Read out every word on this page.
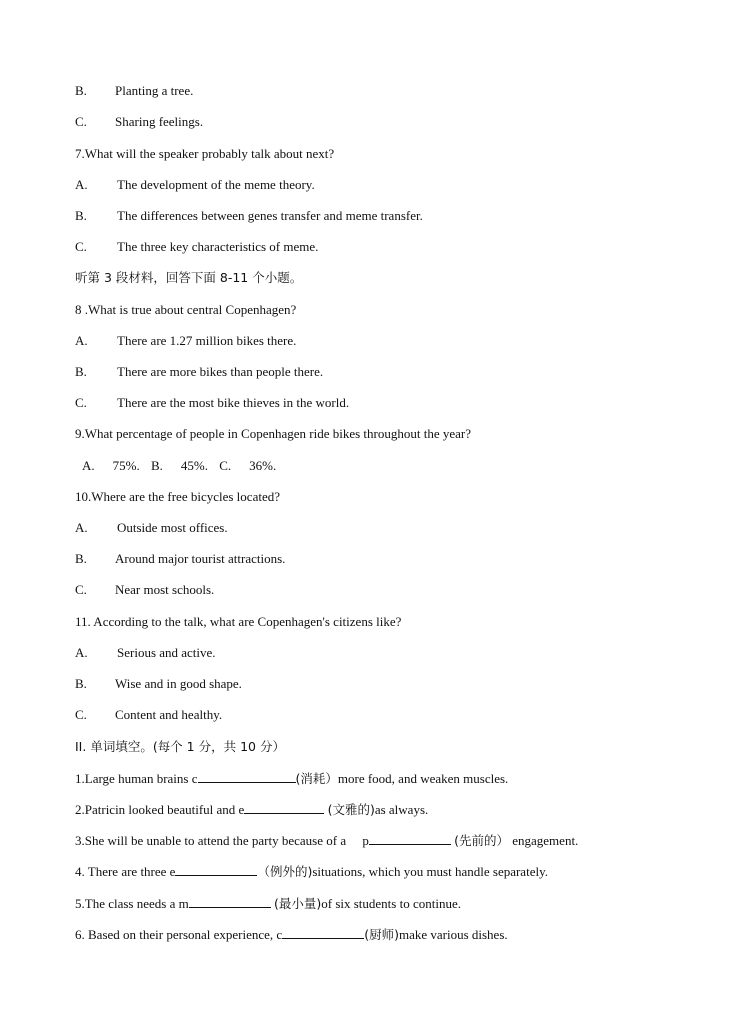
B. Planting a tree.
C. Sharing feelings.
7.What will the speaker probably talk about next?
A. The development of the meme theory.
B. The differences between genes transfer and meme transfer.
C. The three key characteristics of meme.
听第 3 段材料，回答下面 8-11 个小题。
8 .What is true about central Copenhagen?
A. There are 1.27 million bikes there.
B. There are more bikes than people there.
C. There are the most bike thieves in the world.
9.What percentage of people in Copenhagen ride bikes throughout the year?
A. 75%. B. 45%. C. 36%.
10.Where are the free bicycles located?
A. Outside most offices.
B. Around major tourist attractions.
C. Near most schools.
11. According to the talk, what are Copenhagen's citizens like?
A. Serious and active.
B. Wise and in good shape.
C. Content and healthy.
II. 单词填空。(每个 1 分，共 10 分）
1.Large human brains c	(消耗）more food, and weaken muscles.
2.Patricin looked beautiful and e	(文雅的)as always.
3.She will be unable to attend the party because of a     p	(先前的） engagement.
4. There are three e	（例外的)situations, which you must handle separately.
5.The class needs a m	(最小量)of six students to continue.
6. Based on their personal experience, c	(厨师)make various dishes.
